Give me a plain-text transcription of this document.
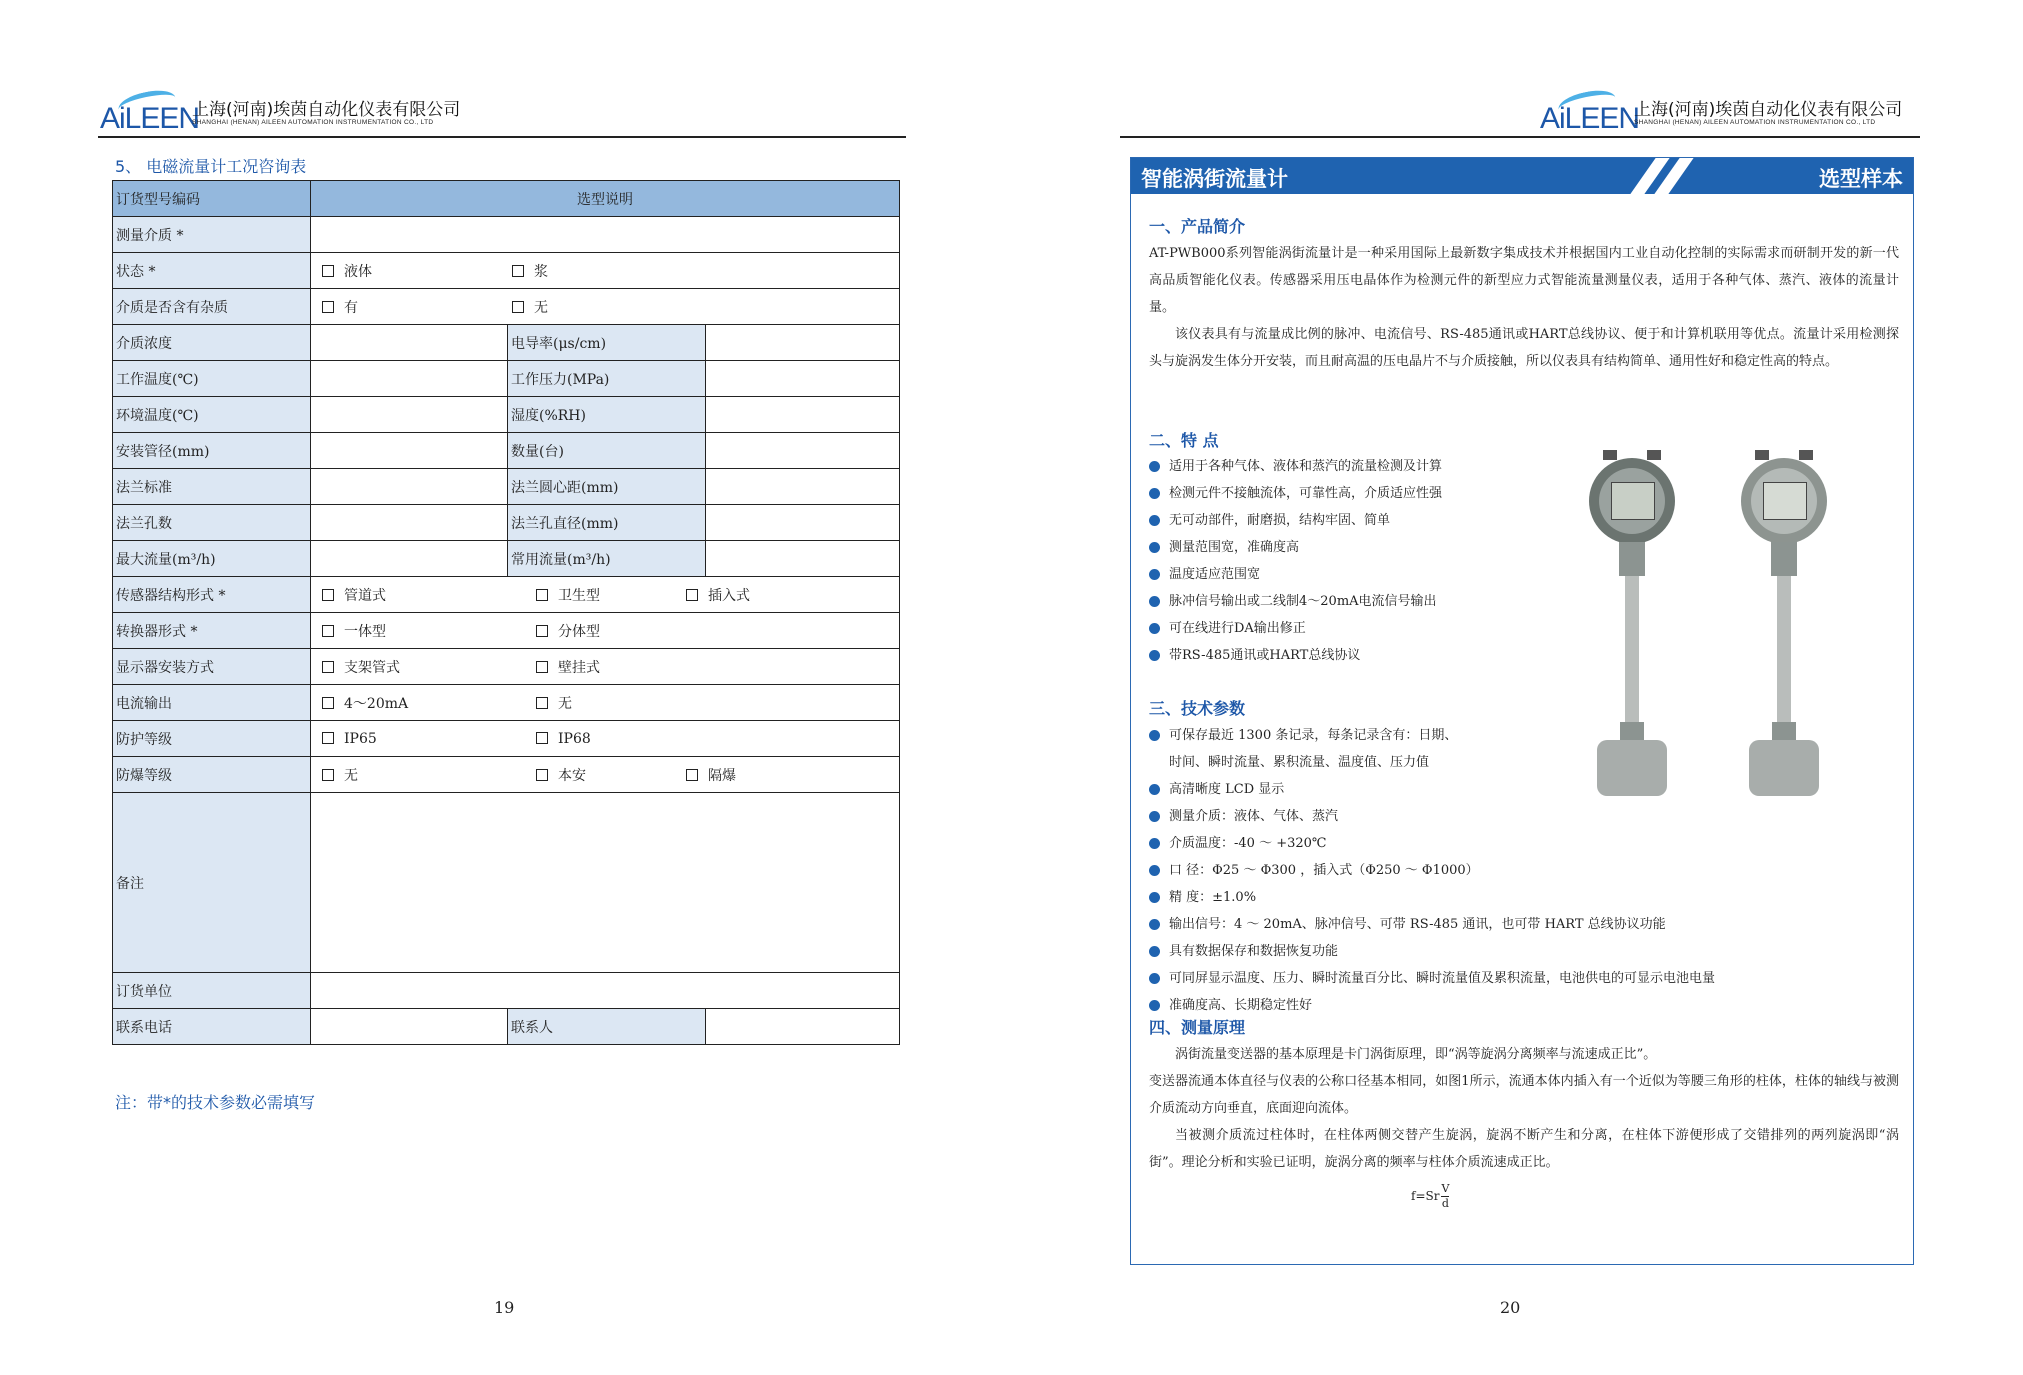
AiLEEN
上海(河南)埃茵自动化仪表有限公司
SHANGHAI (HENAN) AILEEN AUTOMATION INSTRUMENTATION CO., LTD
5、 电磁流量计工况咨询表
订货型号编码	选型说明		
测量介质 *			
状态 *	液体 浆		
介质是否含有杂质	有 无		
介质浓度		电导率(μs/cm)	
工作温度(℃)		工作压力(MPa)	
环境温度(℃)		湿度(%RH)	
安装管径(mm)		数量(台)	
法兰标准		法兰圆心距(mm)	
法兰孔数		法兰孔直径(mm)	
最大流量(m³/h)		常用流量(m³/h)	
传感器结构形式 *	管道式 卫生型 插入式		
转换器形式 *	一体型 分体型		
显示器安装方式	支架管式 壁挂式		
电流输出	4～20mA 无		
防护等级	IP65 IP68		
防爆等级	无 本安 隔爆		
备注			
订货单位			
联系电话		联系人	
注：带*的技术参数必需填写
19
AiLEEN
上海(河南)埃茵自动化仪表有限公司
SHANGHAI (HENAN) AILEEN AUTOMATION INSTRUMENTATION CO., LTD
智能涡街流量计	选型样本
一、产品简介
AT-PWB000系列智能涡街流量计是一种采用国际上最新数字集成技术并根据国内工业自动化控制的实际需求而研制开发的新一代高品质智能化仪表。传感器采用压电晶体作为检测元件的新型应力式智能流量测量仪表，适用于各种气体、蒸汽、液体的流量计量。
该仪表具有与流量成比例的脉冲、电流信号、RS-485通讯或HART总线协议、便于和计算机联用等优点。流量计采用检测探头与旋涡发生体分开安装，而且耐高温的压电晶片不与介质接触，所以仪表具有结构简单、通用性好和稳定性高的特点。
二、特 点
适用于各种气体、液体和蒸汽的流量检测及计算
检测元件不接触流体，可靠性高，介质适应性强
无可动部件，耐磨损，结构牢固、简单
测量范围宽，准确度高
温度适应范围宽
脉冲信号输出或二线制4～20mA电流信号输出
可在线进行DA输出修正
带RS-485通讯或HART总线协议
三、技术参数
可保存最近 1300 条记录，每条记录含有：日期、
时间、瞬时流量、累积流量、温度值、压力值
高清晰度 LCD 显示
测量介质：液体、气体、蒸汽
介质温度：-40 ～ +320℃
口 径：Φ25 ～ Φ300 ，插入式（Φ250 ～ Φ1000）
精 度：±1.0%
输出信号：4 ～ 20mA、脉冲信号、可带 RS-485 通讯，也可带 HART 总线协议功能
具有数据保存和数据恢复功能
可同屏显示温度、压力、瞬时流量百分比、瞬时流量值及累积流量，电池供电的可显示电池电量
准确度高、长期稳定性好
四、测量原理
涡街流量变送器的基本原理是卡门涡街原理，即“涡等旋涡分离频率与流速成正比”。
变送器流通本体直径与仪表的公称口径基本相同，如图1所示，流通本体内插入有一个近似为等腰三角形的柱体，柱体的轴线与被测介质流动方向垂直，底面迎向流体。
当被测介质流过柱体时，在柱体两侧交替产生旋涡，旋涡不断产生和分离，在柱体下游便形成了交错排列的两列旋涡即“涡街”。理论分析和实验已证明，旋涡分离的频率与柱体介质流速成正比。
$f=Sr \frac{V}{d}$
20
